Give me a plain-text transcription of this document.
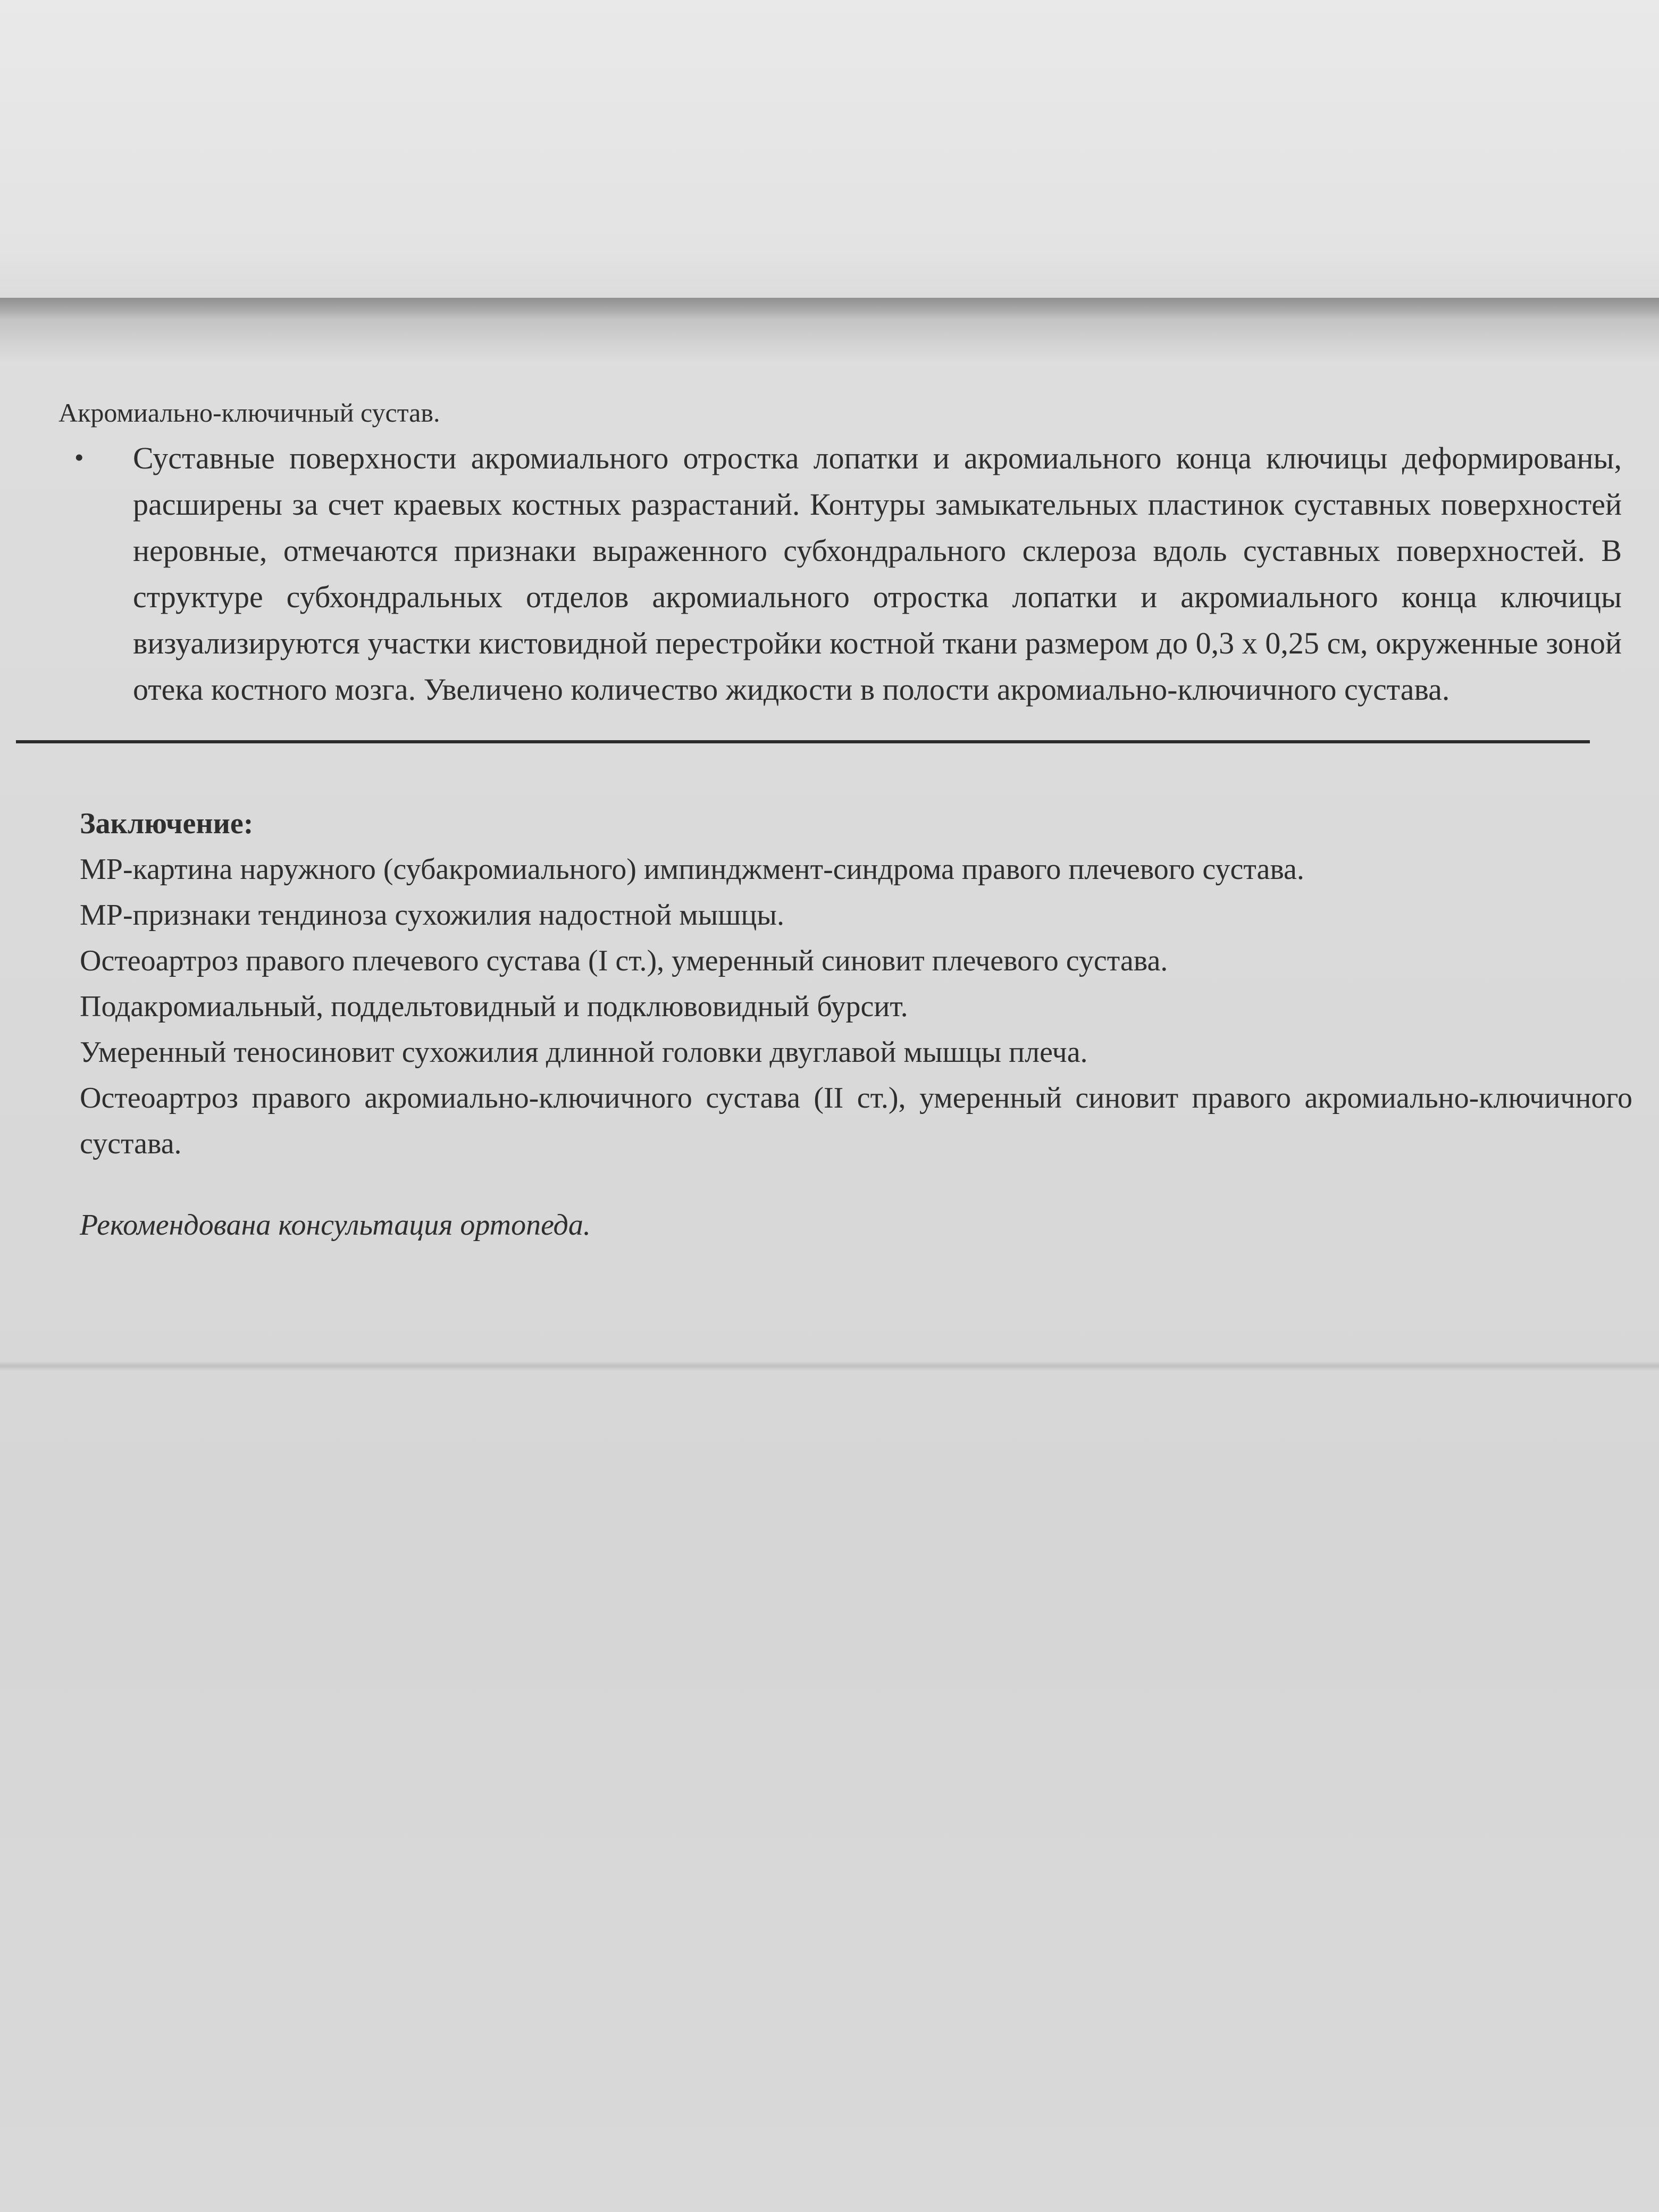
Акромиально-ключичный сустав.

•	Суставные поверхности акромиального отростка лопатки и акромиального конца ключицы деформированы, расширены за счет краевых костных разрастаний. Контуры замыкательных пластинок суставных поверхностей неровные, отмечаются признаки выраженного субхондрального склероза вдоль суставных поверхностей. В структуре субхондральных отделов акромиального отростка лопатки и акромиального конца ключицы визуализируются участки кистовидной перестройки костной ткани размером до 0,3 х 0,25 см, окруженные зоной отека костного мозга. Увеличено количество жидкости в полости акромиально-ключичного сустава.

Заключение:

МР-картина наружного (субакромиального) импинджмент-синдрома правого плечевого сустава.

МР-признаки тендиноза сухожилия надостной мышцы.

Остеоартроз правого плечевого сустава (I ст.), умеренный синовит плечевого сустава.

Подакромиальный, поддельтовидный и подклювовидный бурсит.

Умеренный теносиновит сухожилия длинной головки двуглавой мышцы плеча.

Остеоартроз правого акромиально-ключичного сустава (II ст.), умеренный синовит правого акромиально-ключичного сустава.

Рекомендована консультация ортопеда.
